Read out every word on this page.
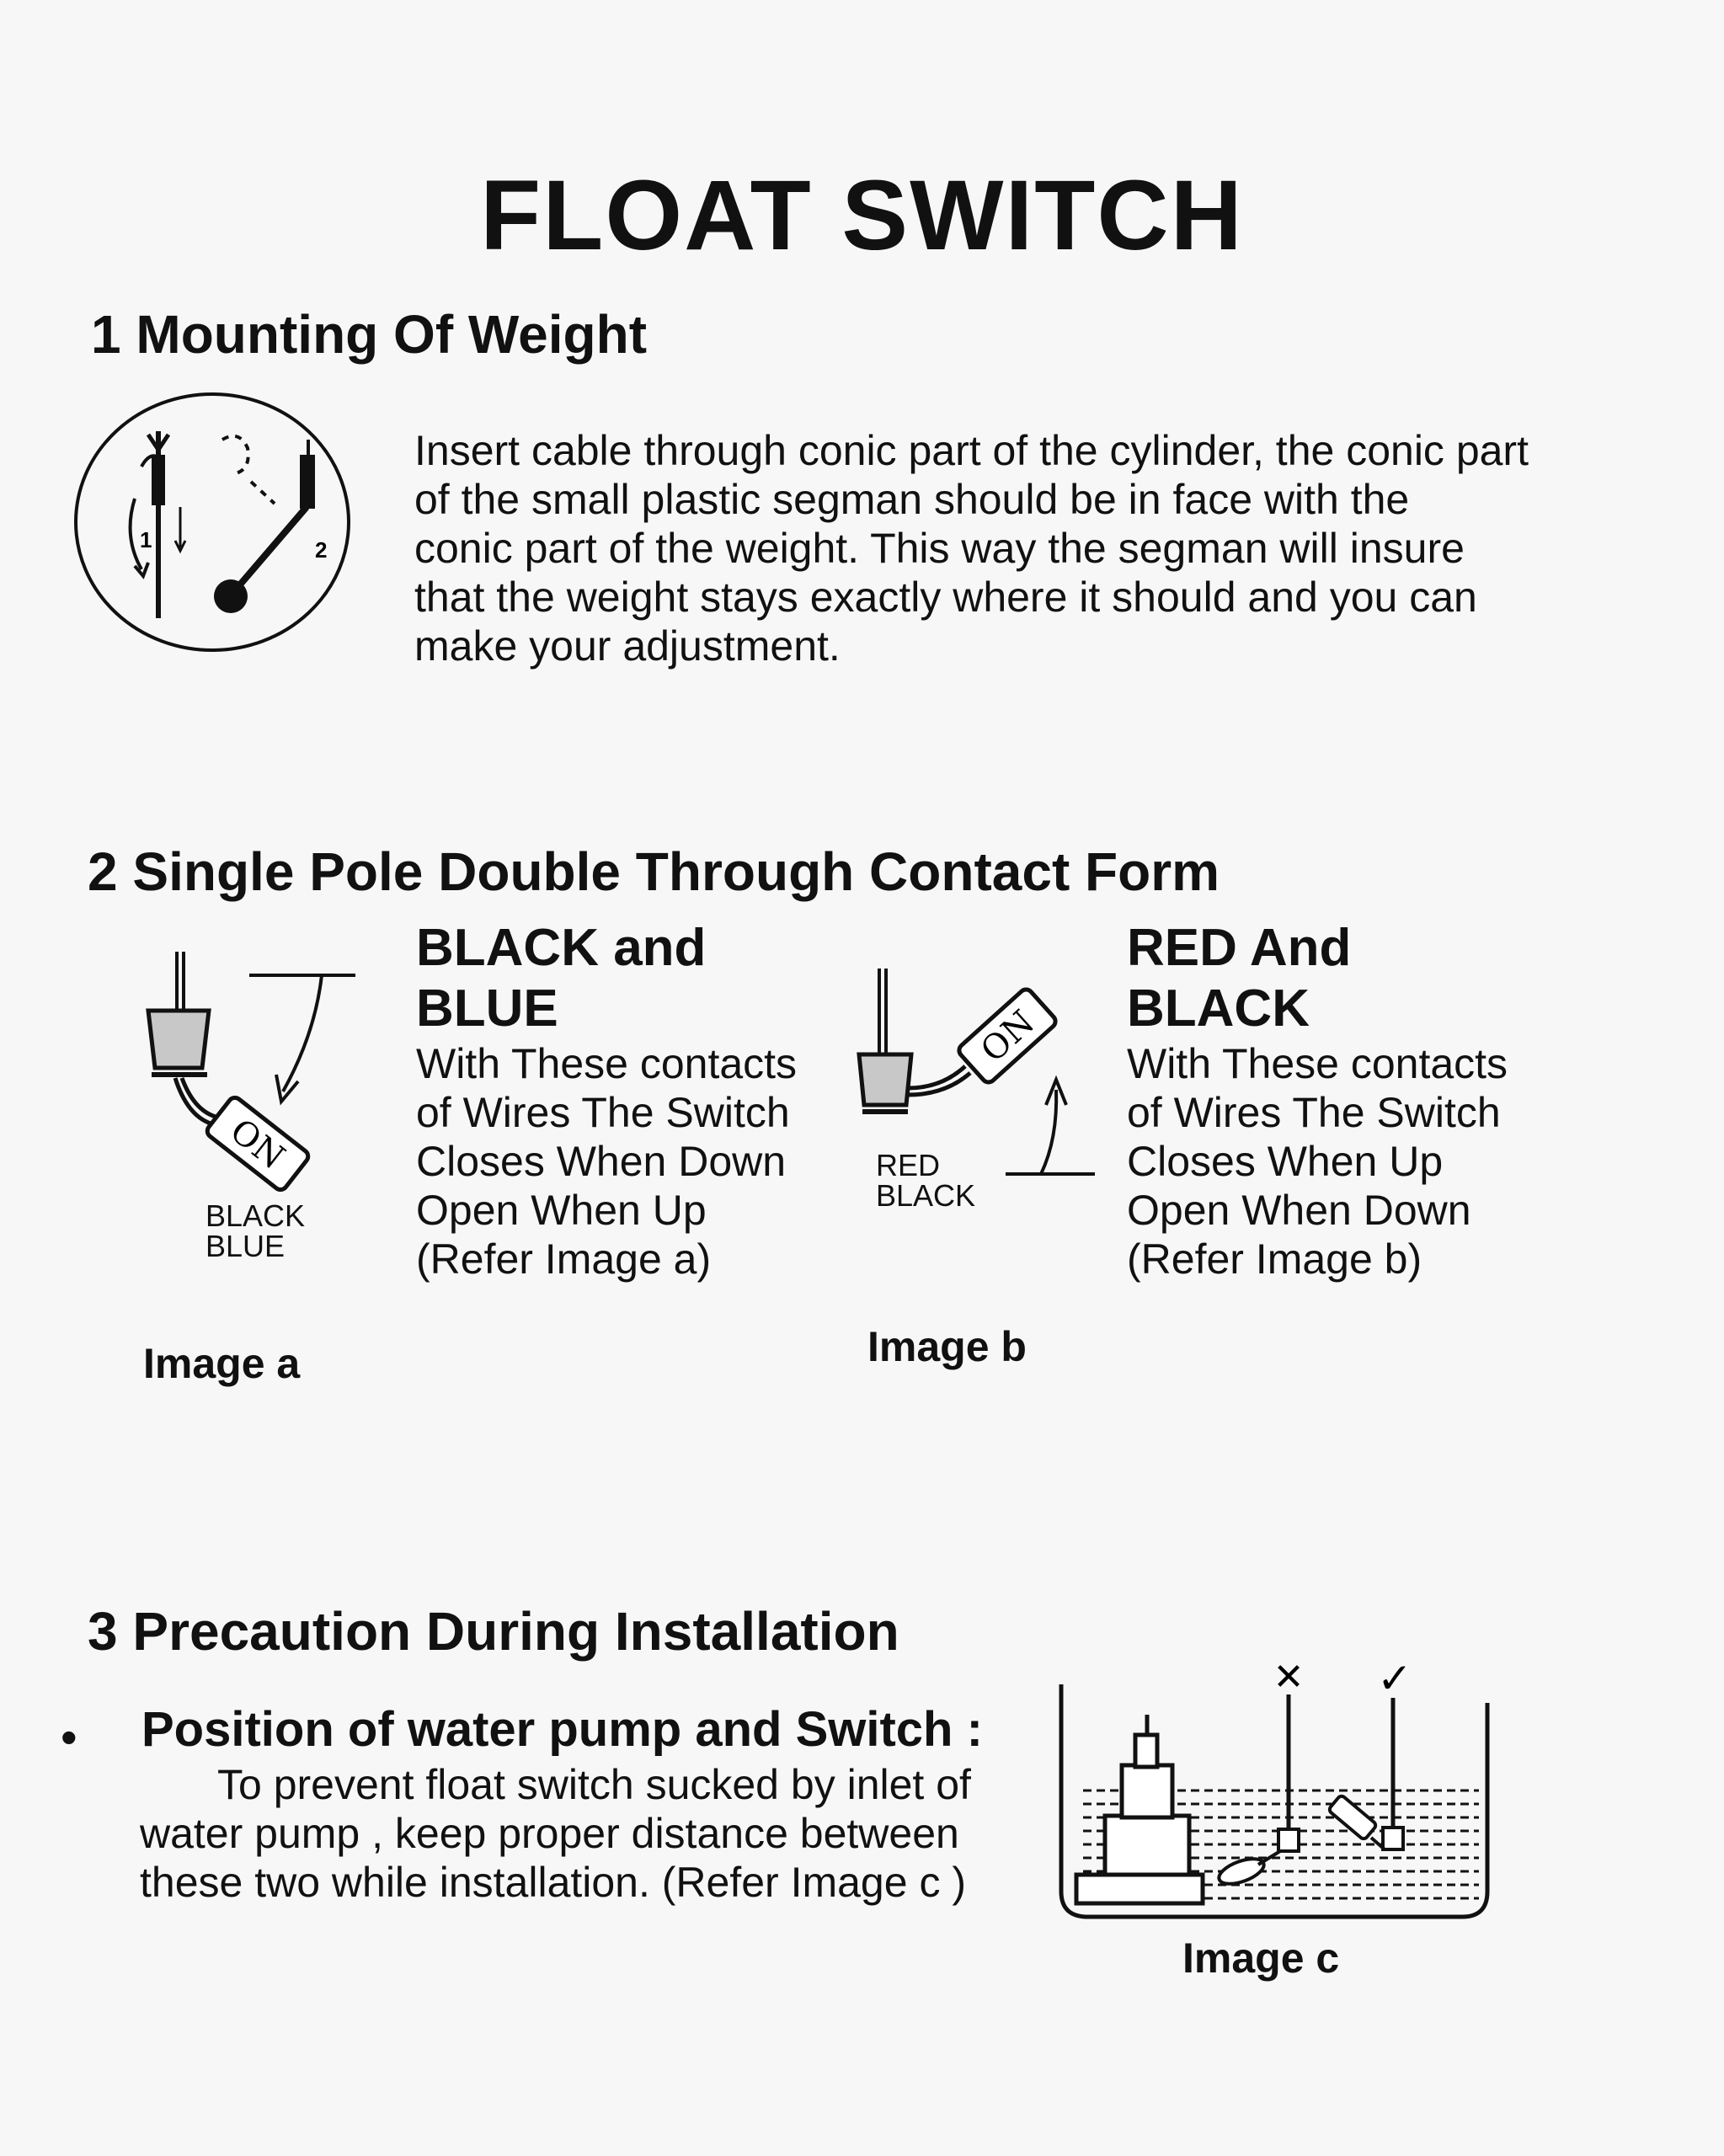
FLOAT SWITCH
1 Mounting Of Weight
1	2

Insert cable through conic part of the cylinder, the conic part

of the small plastic segman should be in face with the

conic part of the weight. This way the segman will insure

that the weight stays exactly where it should and you can

make your adjustment.

2 Single Pole Double Through Contact Form
ON

BLACK

BLUE

BLACK and

BLUE

With These contacts

of Wires The Switch

Closes When Down

Open When Up

(Refer Image a)

Image a

ON

RED

BLACK

RED And

BLACK

With These contacts

of Wires The Switch

Closes When Up

Open When Down

(Refer Image b)

Image b

3 Precaution During Installation
• Position of water pump and Switch :

To prevent float switch sucked by inlet of

water pump , keep proper distance between

these two while installation. (Refer Image c )

✕ ✓

Image c
